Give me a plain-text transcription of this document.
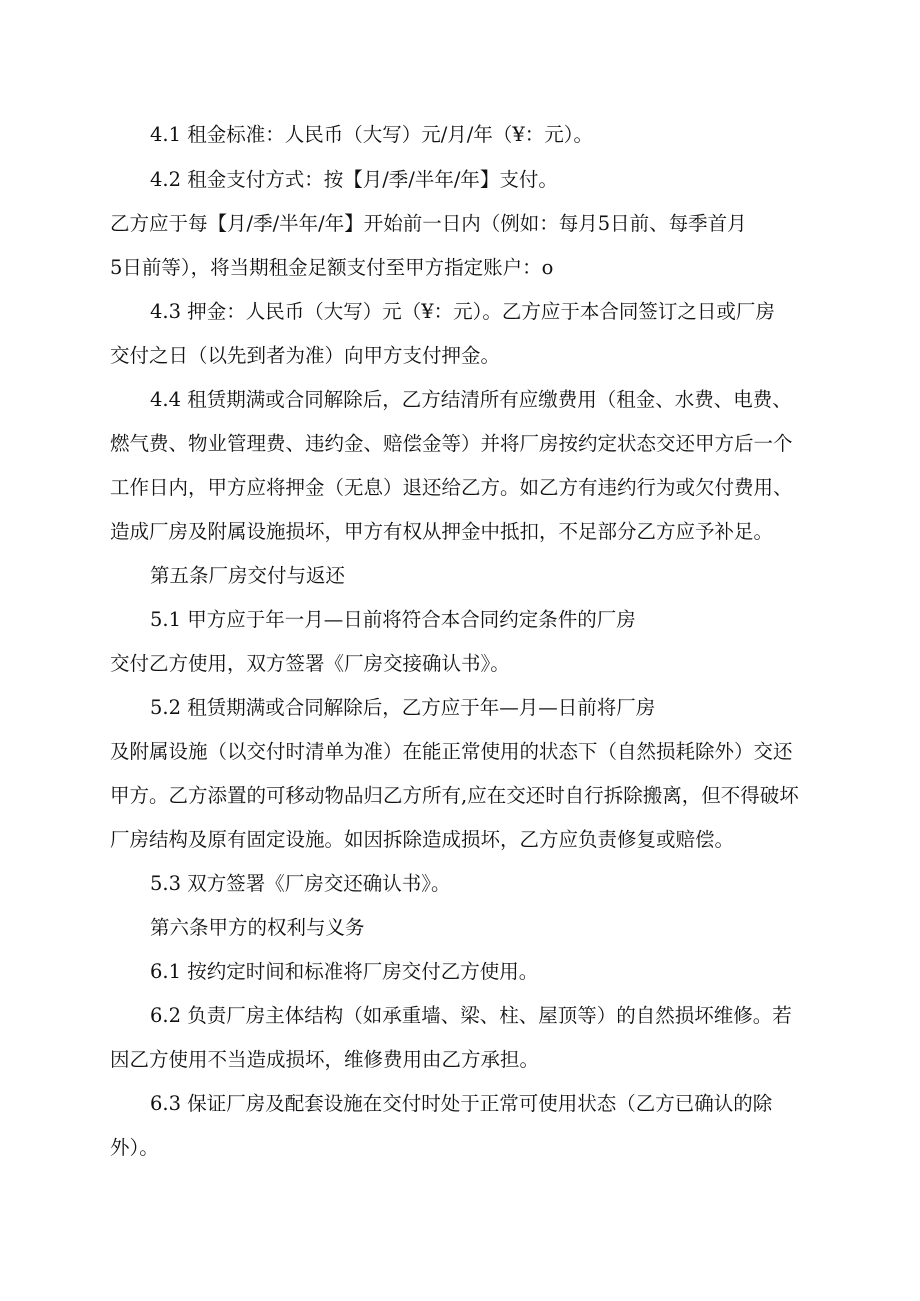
4.1 租金标准：人民币（大写）元/月/年（¥：元）。
4.2 租金支付方式：按【月/季/半年/年】支付。
乙方应于每【月/季/半年/年】开始前一日内（例如：每月5日前、每季首月
5日前等），将当期租金足额支付至甲方指定账户：o
4.3 押金：人民币（大写）元（¥：元）。乙方应于本合同签订之日或厂房
交付之日（以先到者为准）向甲方支付押金。
4.4 租赁期满或合同解除后，乙方结清所有应缴费用（租金、水费、电费、
燃气费、物业管理费、违约金、赔偿金等）并将厂房按约定状态交还甲方后一个
工作日内，甲方应将押金（无息）退还给乙方。如乙方有违约行为或欠付费用、
造成厂房及附属设施损坏，甲方有权从押金中抵扣，不足部分乙方应予补足。
第五条厂房交付与返还
5.1 甲方应于年一月—日前将符合本合同约定条件的厂房
交付乙方使用，双方签署《厂房交接确认书》。
5.2 租赁期满或合同解除后，乙方应于年—月—日前将厂房
及附属设施（以交付时清单为准）在能正常使用的状态下（自然损耗除外）交还
甲方。乙方添置的可移动物品归乙方所有,应在交还时自行拆除搬离，但不得破坏
厂房结构及原有固定设施。如因拆除造成损坏，乙方应负责修复或赔偿。
5.3 双方签署《厂房交还确认书》。
第六条甲方的权利与义务
6.1 按约定时间和标准将厂房交付乙方使用。
6.2 负责厂房主体结构（如承重墙、梁、柱、屋顶等）的自然损坏维修。若
因乙方使用不当造成损坏，维修费用由乙方承担。
6.3 保证厂房及配套设施在交付时处于正常可使用状态（乙方已确认的除
外）。
